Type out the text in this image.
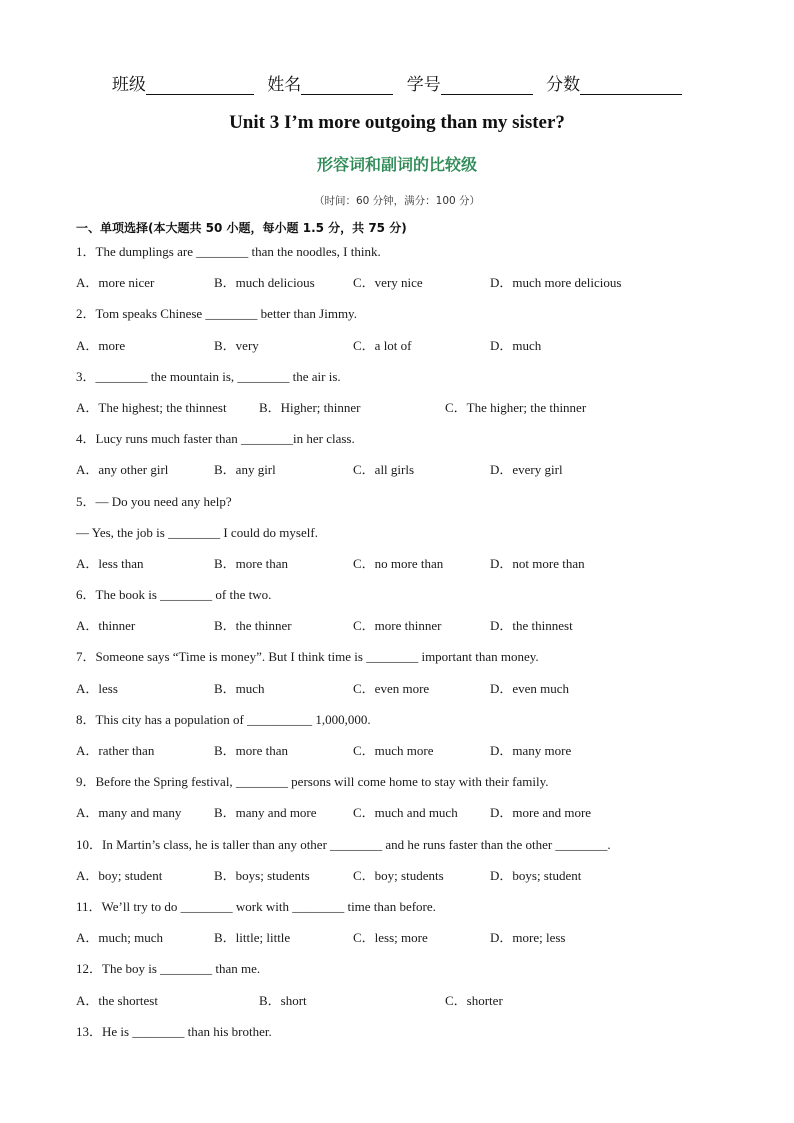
班级	姓名	学号	分数
Unit 3 I’m more outgoing than my sister?
形容词和副词的比较级
（时间：60 分钟，满分：100 分）
一、单项选择(本大题共 50 小题，每小题 1.5 分，共 75 分)
1．The dumplings are ________ than the noodles, I think.
A．more nicer	B．much delicious	C．very nice	D．much more delicious
2．Tom speaks Chinese ________ better than Jimmy.
A．more	B．very	C．a lot of	D．much
3．________ the mountain is, ________ the air is.
A．The highest; the thinnest B．Higher; thinner	C．The higher; the thinner
4．Lucy runs much faster than ________in her class.
A．any other girl	B．any girl	C．all girls	D．every girl
5．— Do you need any help?
— Yes, the job is ________ I could do myself.
A．less than	B．more than	C．no more than	D．not more than
6．The book is ________ of the two.
A．thinner	B．the thinner	C．more thinner	D．the thinnest
7．Someone says “Time is money”. But I think time is ________ important than money.
A．less	B．much	C．even more	D．even much
8．This city has a population of __________ 1,000,000.
A．rather than	B．more than	C．much more	D．many more
9．Before the Spring festival, ________ persons will come home to stay with their family.
A．many and many	B．many and more	C．much and much D．more and more
10．In Martin’s class, he is taller than any other ________ and he runs faster than the other ________.
A．boy; student	B．boys; students	C．boy; students	D．boys; student
11．We’ll try to do ________ work with ________ time than before.
A．much; much	B．little; little	C．less; more	D．more; less
12．The boy is ________ than me.
A．the shortest	B．short	C．shorter
13．He is ________ than his brother.
